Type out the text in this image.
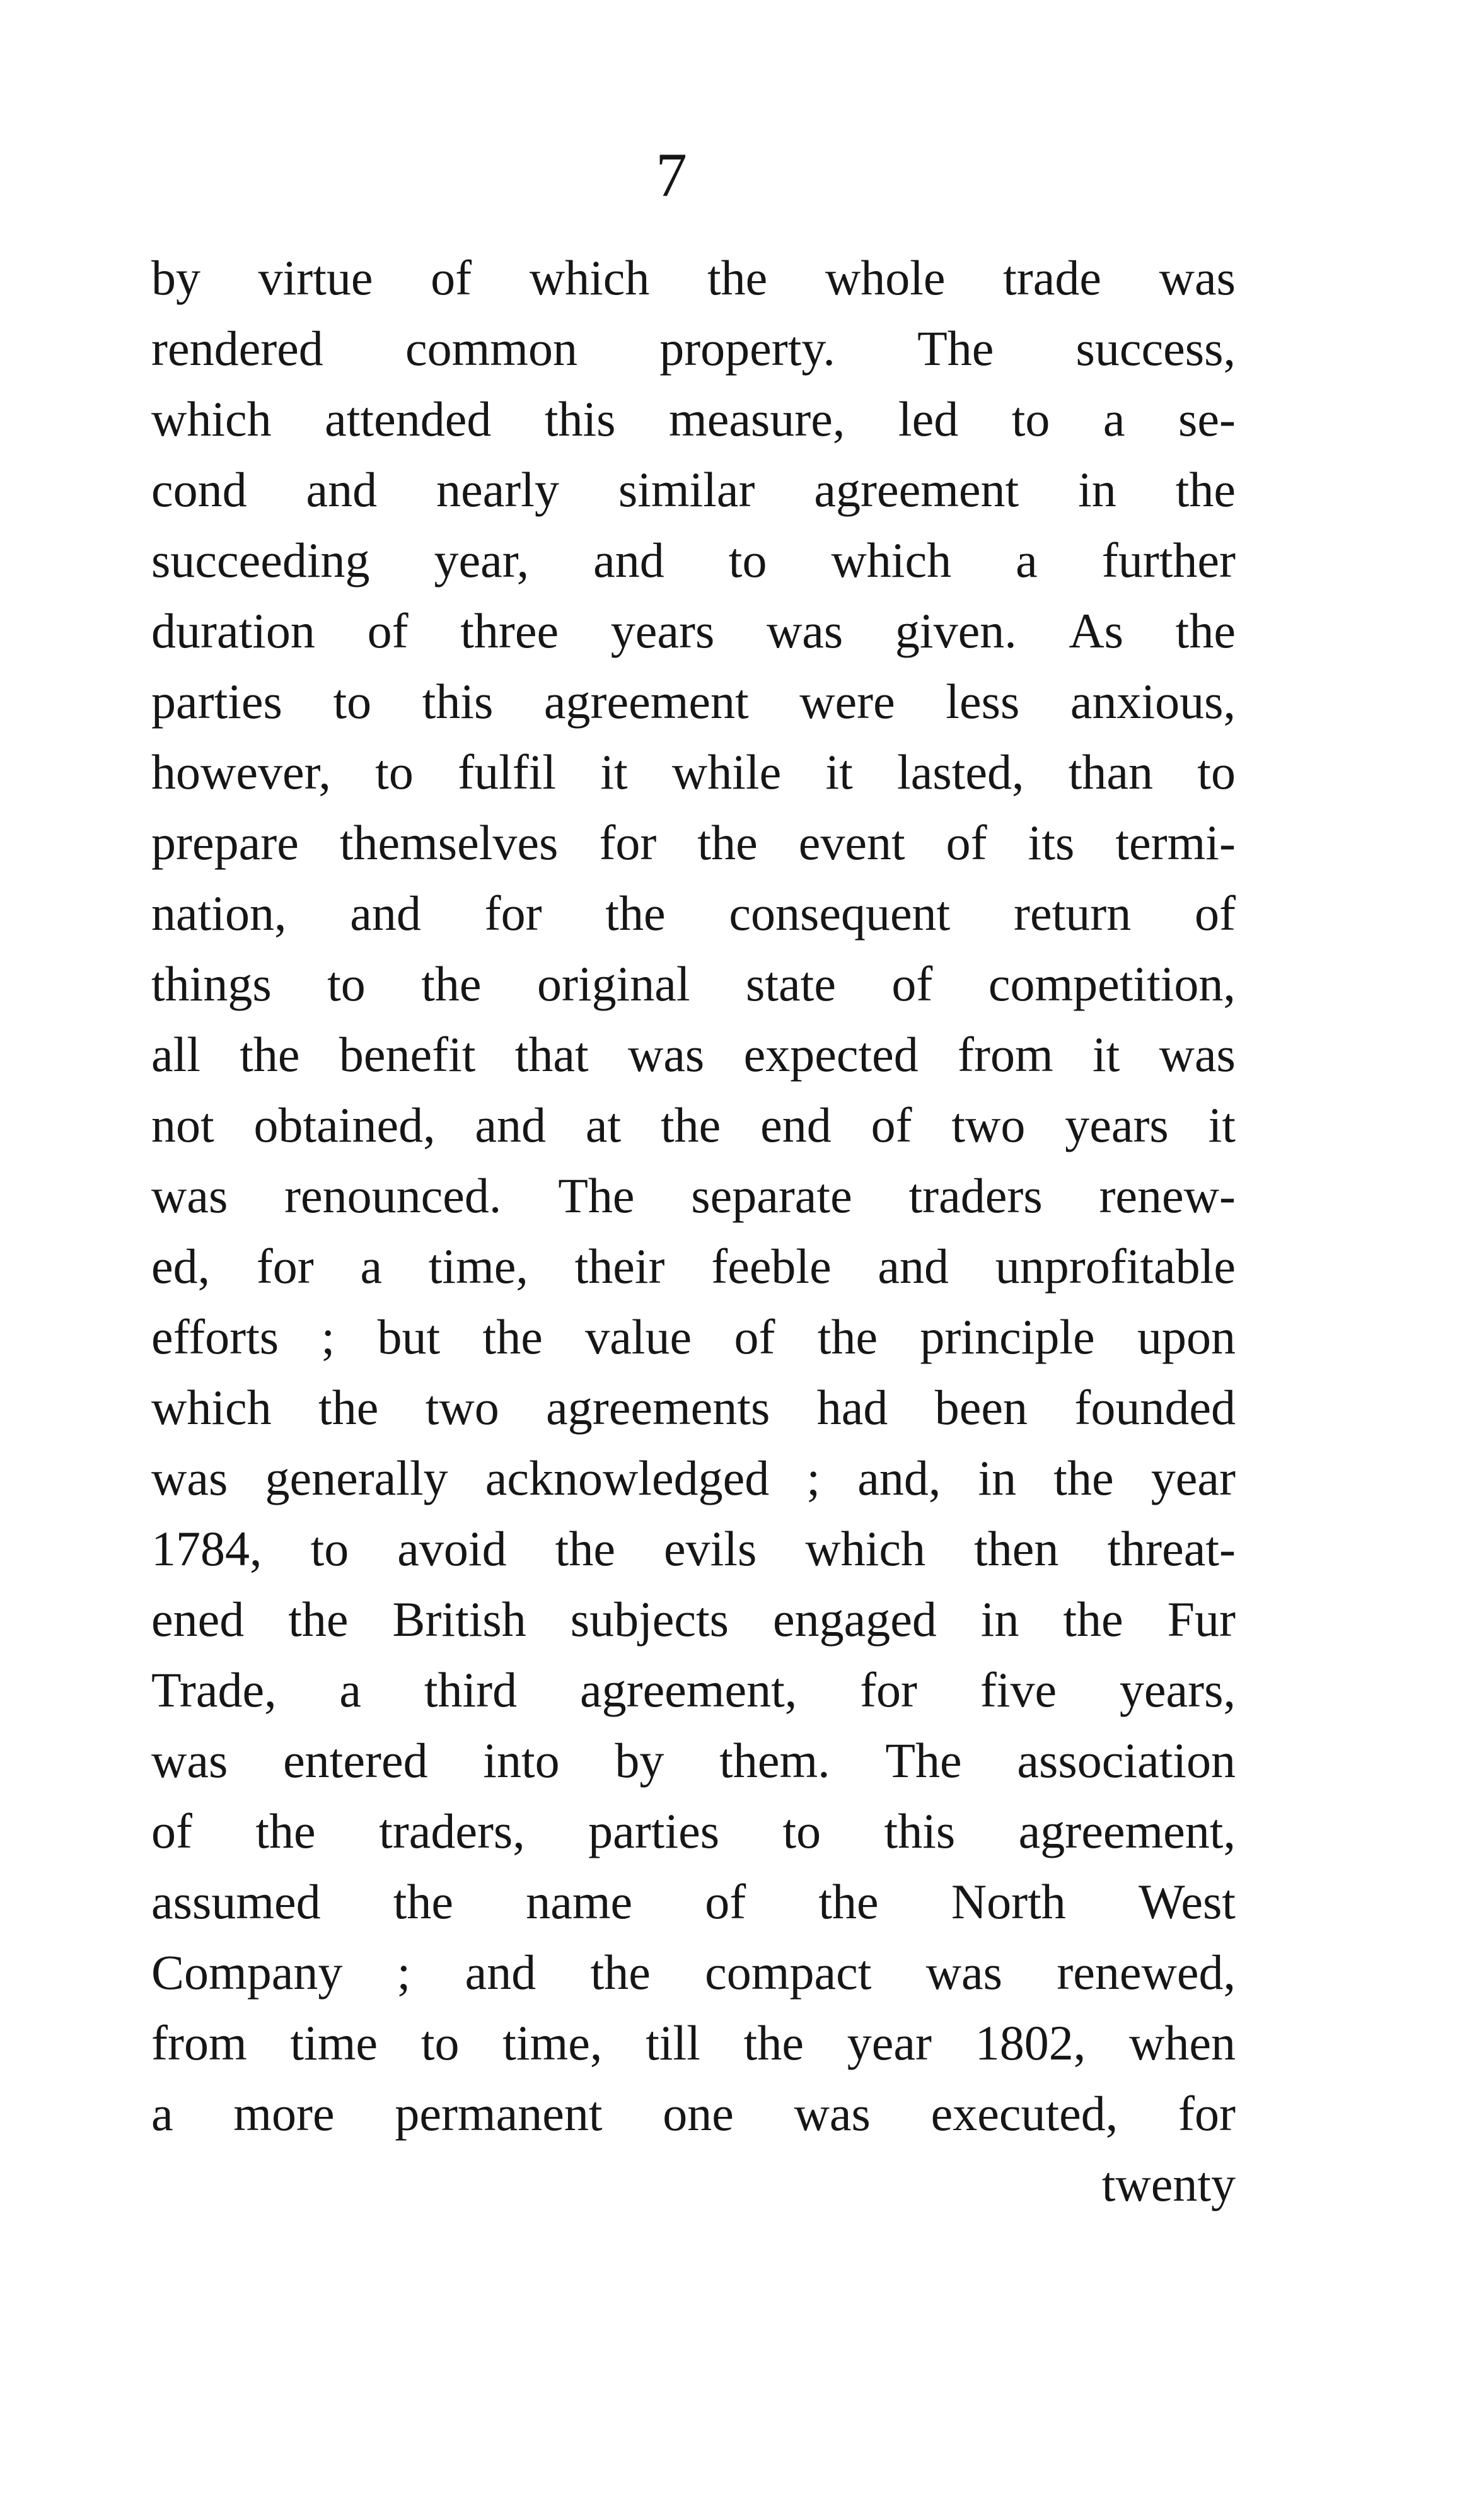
7
by virtue of which the whole trade was
rendered common property. The success,
which attended this measure, led to a se-
cond and nearly similar agreement in the
succeeding year, and to which a further
duration of three years was given. As the
parties to this agreement were less anxious,
however, to fulfil it while it lasted, than to
prepare themselves for the event of its termi-
nation, and for the consequent return of
things to the original state of competition,
all the benefit that was expected from it was
not obtained, and at the end of two years it
was renounced. The separate traders renew-
ed, for a time, their feeble and unprofitable
efforts ; but the value of the principle upon
which the two agreements had been founded
was generally acknowledged ; and, in the year
1784, to avoid the evils which then threat-
ened the British subjects engaged in the Fur
Trade, a third agreement, for five years,
was entered into by them. The association
of the traders, parties to this agreement,
assumed the name of the North West
Company ; and the compact was renewed,
from time to time, till the year 1802, when
a more permanent one was executed, for
twenty
